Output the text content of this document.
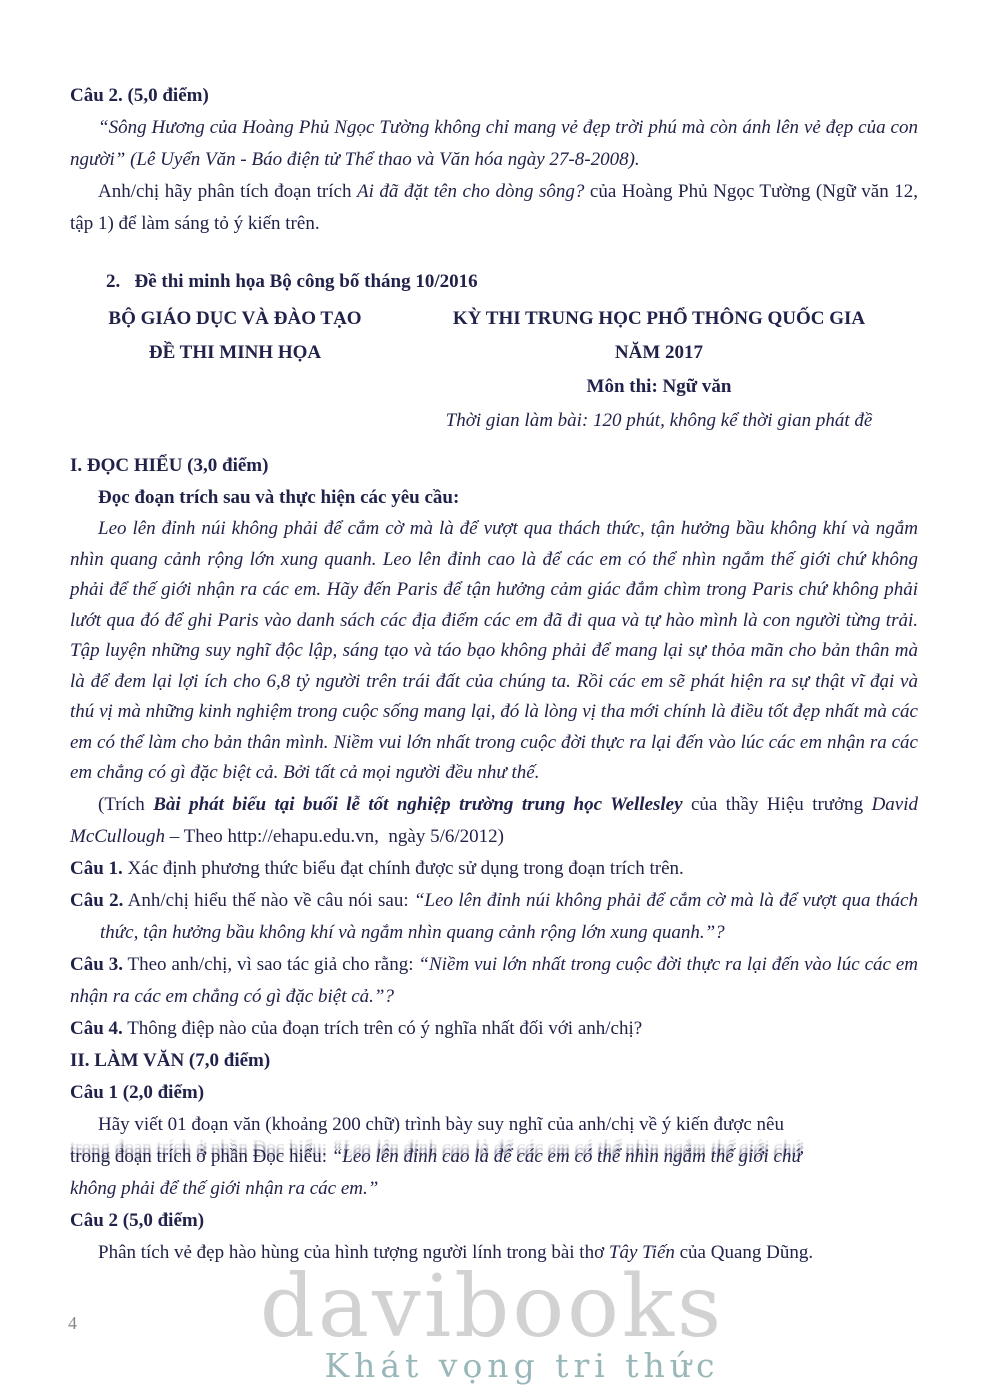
davibooks
Khát vọng tri thức
4

Câu 2. (5,0 điểm)

“Sông Hương của Hoàng Phủ Ngọc Tường không chỉ mang vẻ đẹp trời phú mà còn ánh lên vẻ đẹp của con người” (Lê Uyển Văn - Báo điện tử Thể thao và Văn hóa ngày 27-8-2008).

Anh/chị hãy phân tích đoạn trích Ai đã đặt tên cho dòng sông? của Hoàng Phủ Ngọc Tường (Ngữ văn 12, tập 1) để làm sáng tỏ ý kiến trên.

2.   Đề thi minh họa Bộ công bố tháng 10/2016

BỘ GIÁO DỤC VÀ ĐÀO TẠO
ĐỀ THI MINH HỌA
KỲ THI TRUNG HỌC PHỔ THÔNG QUỐC GIA
NĂM 2017
Môn thi: Ngữ văn
Thời gian làm bài: 120 phút, không kể thời gian phát đề

I. ĐỌC HIỂU (3,0 điểm)

Đọc đoạn trích sau và thực hiện các yêu cầu:

Leo lên đỉnh núi không phải để cắm cờ mà là để vượt qua thách thức, tận hưởng bầu không khí và ngắm nhìn quang cảnh rộng lớn xung quanh. Leo lên đỉnh cao là để các em có thể nhìn ngắm thế giới chứ không phải để thế giới nhận ra các em. Hãy đến Paris để tận hưởng cảm giác đắm chìm trong Paris chứ không phải lướt qua đó để ghi Paris vào danh sách các địa điểm các em đã đi qua và tự hào mình là con người từng trải. Tập luyện những suy nghĩ độc lập, sáng tạo và táo bạo không phải để mang lại sự thỏa mãn cho bản thân mà là để đem lại lợi ích cho 6,8 tỷ người trên trái đất của chúng ta. Rồi các em sẽ phát hiện ra sự thật vĩ đại và thú vị mà những kinh nghiệm trong cuộc sống mang lại, đó là lòng vị tha mới chính là điều tốt đẹp nhất mà các em có thể làm cho bản thân mình. Niềm vui lớn nhất trong cuộc đời thực ra lại đến vào lúc các em nhận ra các em chẳng có gì đặc biệt cả. Bởi tất cả mọi người đều như thế.

(Trích Bài phát biểu tại buổi lễ tốt nghiệp trường trung học Wellesley của thầy Hiệu trưởng David McCullough – Theo http://ehapu.edu.vn,  ngày 5/6/2012)

Câu 1. Xác định phương thức biểu đạt chính được sử dụng trong đoạn trích trên.

Câu 2. Anh/chị hiểu thế nào về câu nói sau: “Leo lên đỉnh núi không phải để cắm cờ mà là để vượt qua thách thức, tận hưởng bầu không khí và ngắm nhìn quang cảnh rộng lớn xung quanh.”?

Câu 3. Theo anh/chị, vì sao tác giả cho rằng: “Niềm vui lớn nhất trong cuộc đời thực ra lại đến vào lúc các em nhận ra các em chẳng có gì đặc biệt cả.”?

Câu 4. Thông điệp nào của đoạn trích trên có ý nghĩa nhất đối với anh/chị?

II. LÀM VĂN (7,0 điểm)

Câu 1 (2,0 điểm)

Hãy viết 01 đoạn văn (khoảng 200 chữ) trình bày suy nghĩ của anh/chị về ý kiến được nêu

trong đoạn trích ở phần Đọc hiểu: “Leo lên đỉnh cao là để các em có thể nhìn ngắm thế giới chứ

không phải để thế giới nhận ra các em.”

Câu 2 (5,0 điểm)

Phân tích vẻ đẹp hào hùng của hình tượng người lính trong bài thơ Tây Tiến của Quang Dũng.
